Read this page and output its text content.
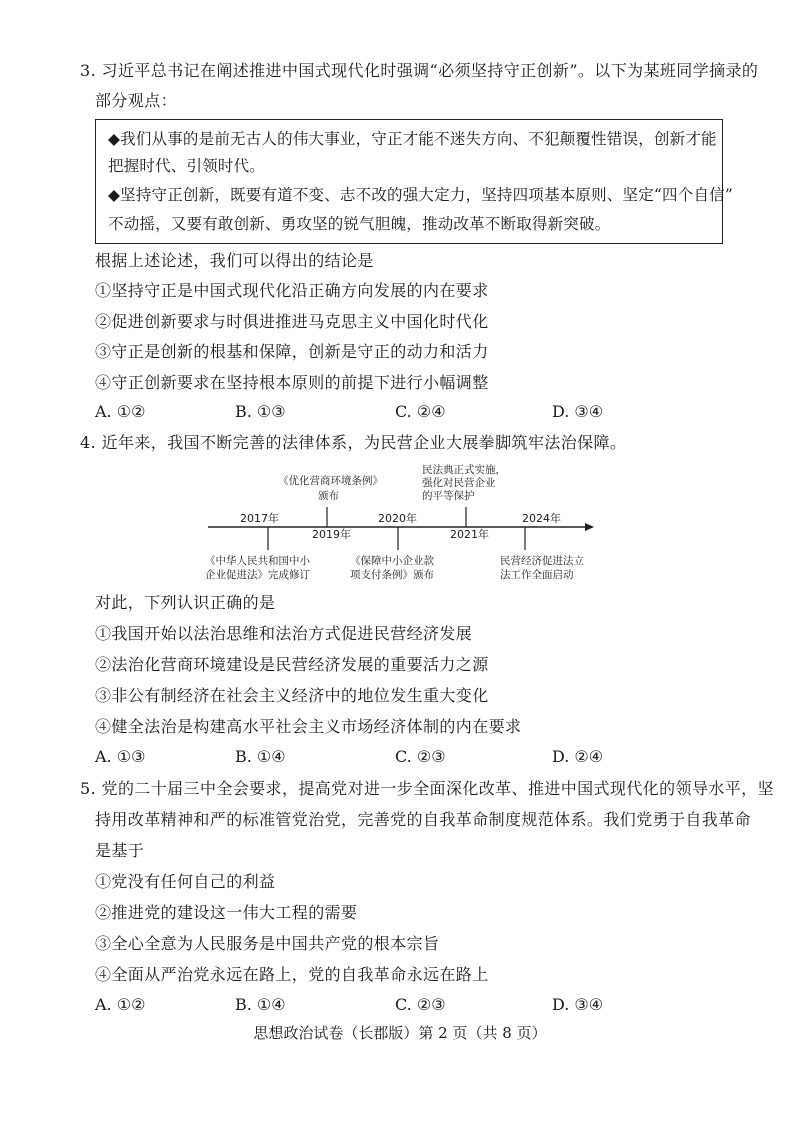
3. 习近平总书记在阐述推进中国式现代化时强调“必须坚持守正创新”。以下为某班同学摘录的
部分观点：
◆我们从事的是前无古人的伟大事业，守正才能不迷失方向、不犯颠覆性错误，创新才能
把握时代、引领时代。
◆坚持守正创新，既要有道不变、志不改的强大定力，坚持四项基本原则、坚定“四个自信”
不动摇，又要有敢创新、勇攻坚的锐气胆魄，推动改革不断取得新突破。
根据上述论述，我们可以得出的结论是
①坚持守正是中国式现代化沿正确方向发展的内在要求
②促进创新要求与时俱进推进马克思主义中国化时代化
③守正是创新的根基和保障，创新是守正的动力和活力
④守正创新要求在坚持根本原则的前提下进行小幅调整
A. ①②	B. ①③	C. ②④	D. ③④
4. 近年来，我国不断完善的法律体系，为民营企业大展拳脚筑牢法治保障。
2017年
2019年
2020年
2021年
2024年
《优化营商环境条例》
颁布
民法典正式实施，
强化对民营企业
的平等保护
《中华人民共和国中小
企业促进法》完成修订
《保障中小企业款
项支付条例》颁布
民营经济促进法立
法工作全面启动
对此，下列认识正确的是
①我国开始以法治思维和法治方式促进民营经济发展
②法治化营商环境建设是民营经济发展的重要活力之源
③非公有制经济在社会主义经济中的地位发生重大变化
④健全法治是构建高水平社会主义市场经济体制的内在要求
A. ①③	B. ①④	C. ②③	D. ②④
5. 党的二十届三中全会要求，提高党对进一步全面深化改革、推进中国式现代化的领导水平，坚
持用改革精神和严的标准管党治党，完善党的自我革命制度规范体系。我们党勇于自我革命
是基于
①党没有任何自己的利益
②推进党的建设这一伟大工程的需要
③全心全意为人民服务是中国共产党的根本宗旨
④全面从严治党永远在路上，党的自我革命永远在路上
A. ①②	B. ①④	C. ②③	D. ③④
思想政治试卷（长郡版）第 2 页（共 8 页）
